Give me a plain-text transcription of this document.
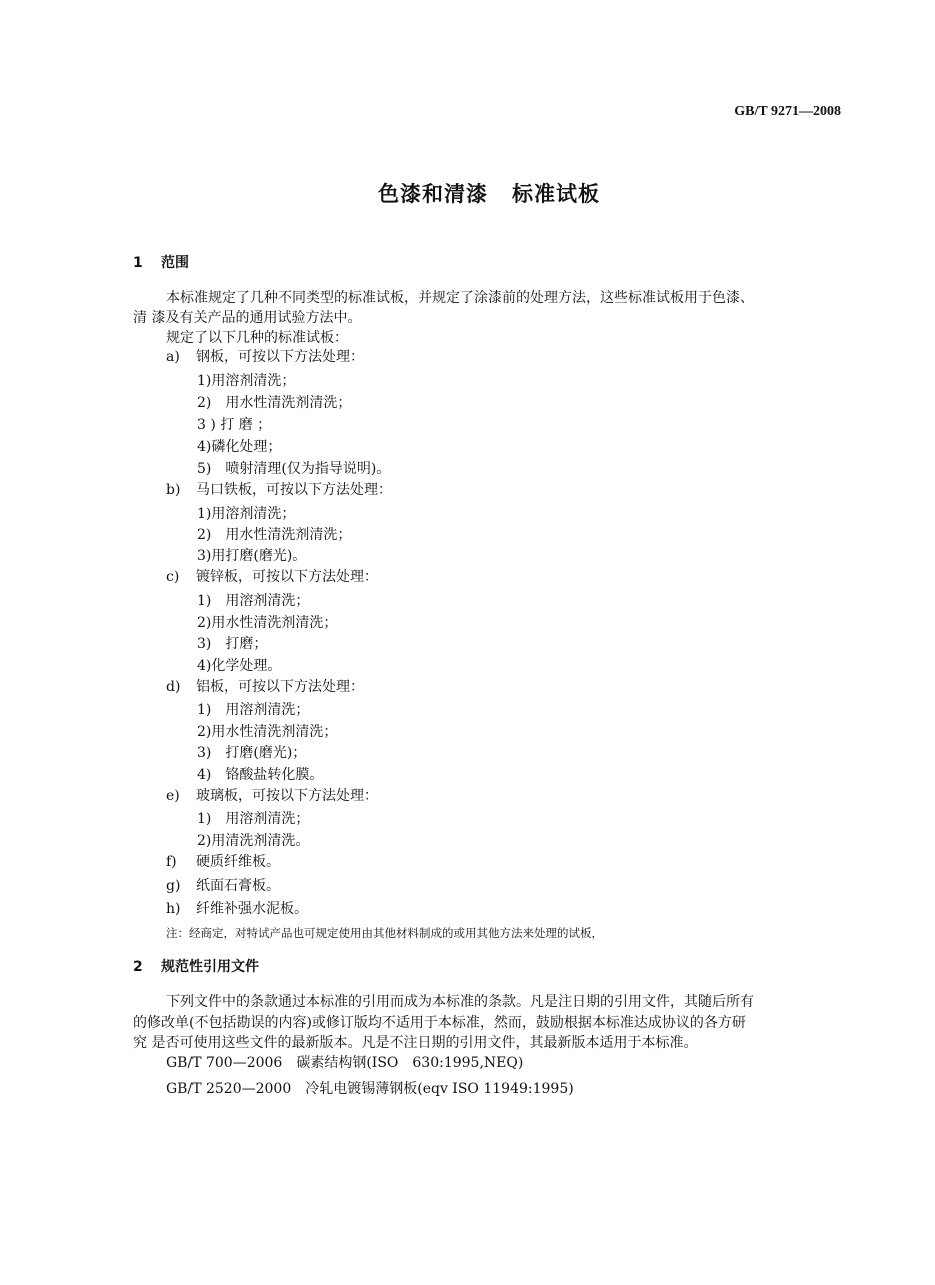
GB/T 9271—2008
色漆和清漆 标准试板
1 范围
本标准规定了几种不同类型的标准试板，并规定了涂漆前的处理方法，这些标准试板用于色漆、
清 漆及有关产品的通用试验方法中。
规定了以下几种的标准试板：
a) 钢板，可按以下方法处理：
1)用溶剂清洗；
2)　用水性清洗剂清洗；
3 ) 打 磨 ；
4)磷化处理；
5)　喷射清理(仅为指导说明)。
b) 马口铁板，可按以下方法处理：
1)用溶剂清洗；
2)　用水性清洗剂清洗；
3)用打磨(磨光)。
c) 镀锌板，可按以下方法处理：
1)　用溶剂清洗；
2)用水性清洗剂清洗；
3)　打磨；
4)化学处理。
d) 铝板，可按以下方法处理：
1)　用溶剂清洗；
2)用水性清洗剂清洗；
3)　打磨(磨光)；
4)　铬酸盐转化膜。
e) 玻璃板，可按以下方法处理：
1)　用溶剂清洗；
2)用清洗剂清洗。
f) 硬质纤维板。
g) 纸面石膏板。
h) 纤维补强水泥板。
注：经商定，对特试产品也可规定使用由其他材料制成的或用其他方法来处理的试板，
2 规范性引用文件
下列文件中的条款通过本标准的引用而成为本标准的条款。凡是注日期的引用文件，其随后所有
的修改单(不包括勘误的内容)或修订版均不适用于本标准，然而，鼓励根据本标准达成协议的各方研
究 是否可使用这些文件的最新版本。凡是不注日期的引用文件，其最新版本适用于本标准。
GB/T 700—2006　碳素结构钢(ISO　630:1995,NEQ)
GB/T 2520—2000　冷轧电镀锡薄钢板(eqv ISO 11949:1995)
